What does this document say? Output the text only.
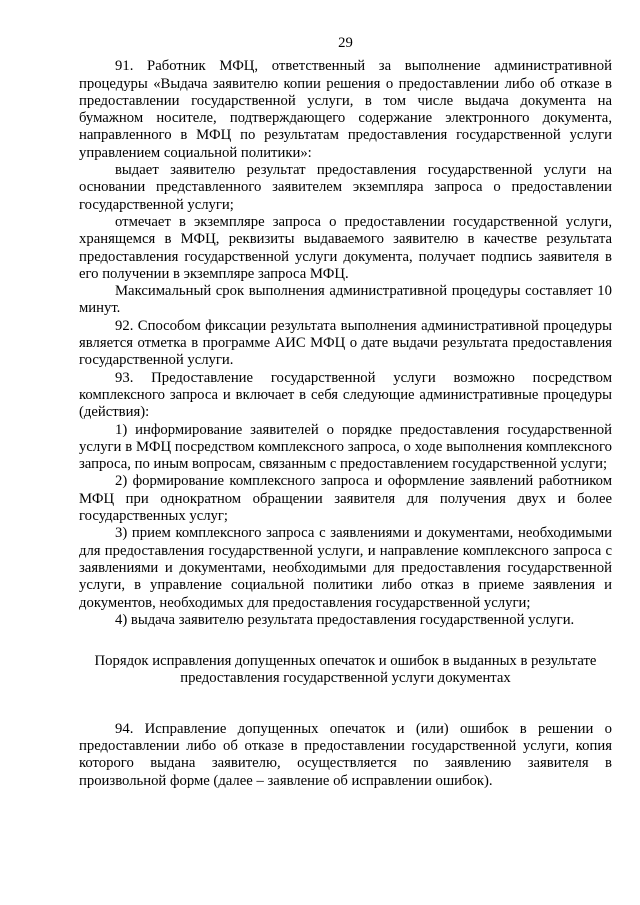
29

91. Работник МФЦ, ответственный за выполнение административной процедуры «Выдача заявителю копии решения о предоставлении либо об отказе в предоставлении государственной услуги, в том числе выдача документа на бумажном носителе, подтверждающего содержание электронного документа, направленного в МФЦ по результатам предоставления государственной услуги управлением социальной политики»:

выдает заявителю результат предоставления государственной услуги на основании представленного заявителем экземпляра запроса о предоставлении государственной услуги;

отмечает в экземпляре запроса о предоставлении государственной услуги, хранящемся в МФЦ, реквизиты выдаваемого заявителю в качестве результата предоставления государственной услуги документа, получает подпись заявителя в его получении в экземпляре запроса МФЦ.

Максимальный срок выполнения административной процедуры составляет 10 минут.

92. Способом фиксации результата выполнения административной процедуры является отметка в программе АИС МФЦ о дате выдачи результата предоставления государственной услуги.

93. Предоставление государственной услуги возможно посредством комплексного запроса и включает в себя следующие административные процедуры (действия):

1) информирование заявителей о порядке предоставления государственной услуги в МФЦ посредством комплексного запроса, о ходе выполнения комплексного запроса, по иным вопросам, связанным с предоставлением государственной услуги;

2) формирование комплексного запроса и оформление заявлений работником МФЦ при однократном обращении заявителя для получения двух и более государственных услуг;

3) прием комплексного запроса с заявлениями и документами, необходимыми для предоставления государственной услуги, и направление комплексного запроса с заявлениями и документами, необходимыми для предоставления государственной услуги, в управление социальной политики либо отказ в приеме заявления и документов, необходимых для предоставления государственной услуги;

4) выдача заявителю результата предоставления государственной услуги.

Порядок исправления допущенных опечаток и ошибок в выданных в результате предоставления государственной услуги документах

94. Исправление допущенных опечаток и (или) ошибок в решении о предоставлении либо об отказе в предоставлении государственной услуги, копия которого выдана заявителю, осуществляется по заявлению заявителя в произвольной форме (далее – заявление об исправлении ошибок).
